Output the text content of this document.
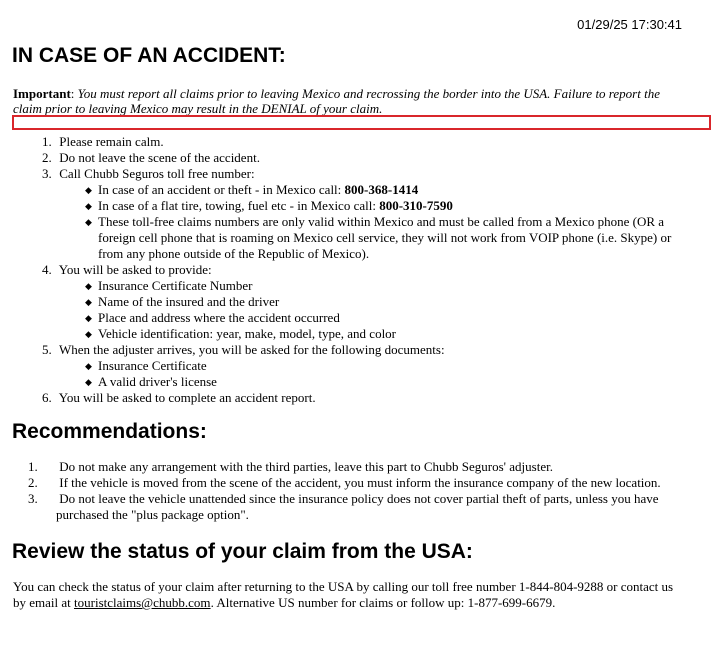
01/29/25 17:30:41
IN CASE OF AN ACCIDENT:
Important: You must report all claims prior to leaving Mexico and recrossing the border into the USA. Failure to report the claim prior to leaving Mexico may result in the DENIAL of your claim.
1. Please remain calm.
2. Do not leave the scene of the accident.
3. Call Chubb Seguros toll free number:
◆ In case of an accident or theft - in Mexico call: 800-368-1414
◆ In case of a flat tire, towing, fuel etc - in Mexico call: 800-310-7590
◆ These toll-free claims numbers are only valid within Mexico and must be called from a Mexico phone (OR a foreign cell phone that is roaming on Mexico cell service, they will not work from VOIP phone (i.e. Skype) or from any phone outside of the Republic of Mexico).
4. You will be asked to provide:
◆ Insurance Certificate Number
◆ Name of the insured and the driver
◆ Place and address where the accident occurred
◆ Vehicle identification: year, make, model, type, and color
5. When the adjuster arrives, you will be asked for the following documents:
◆ Insurance Certificate
◆ A valid driver's license
6. You will be asked to complete an accident report.
Recommendations:
1. Do not make any arrangement with the third parties, leave this part to Chubb Seguros' adjuster.
2. If the vehicle is moved from the scene of the accident, you must inform the insurance company of the new location.
3. Do not leave the vehicle unattended since the insurance policy does not cover partial theft of parts, unless you have purchased the "plus package option".
Review the status of your claim from the USA:
You can check the status of your claim after returning to the USA by calling our toll free number 1-844-804-9288 or contact us by email at touristclaims@chubb.com. Alternative US number for claims or follow up: 1-877-699-6679.
